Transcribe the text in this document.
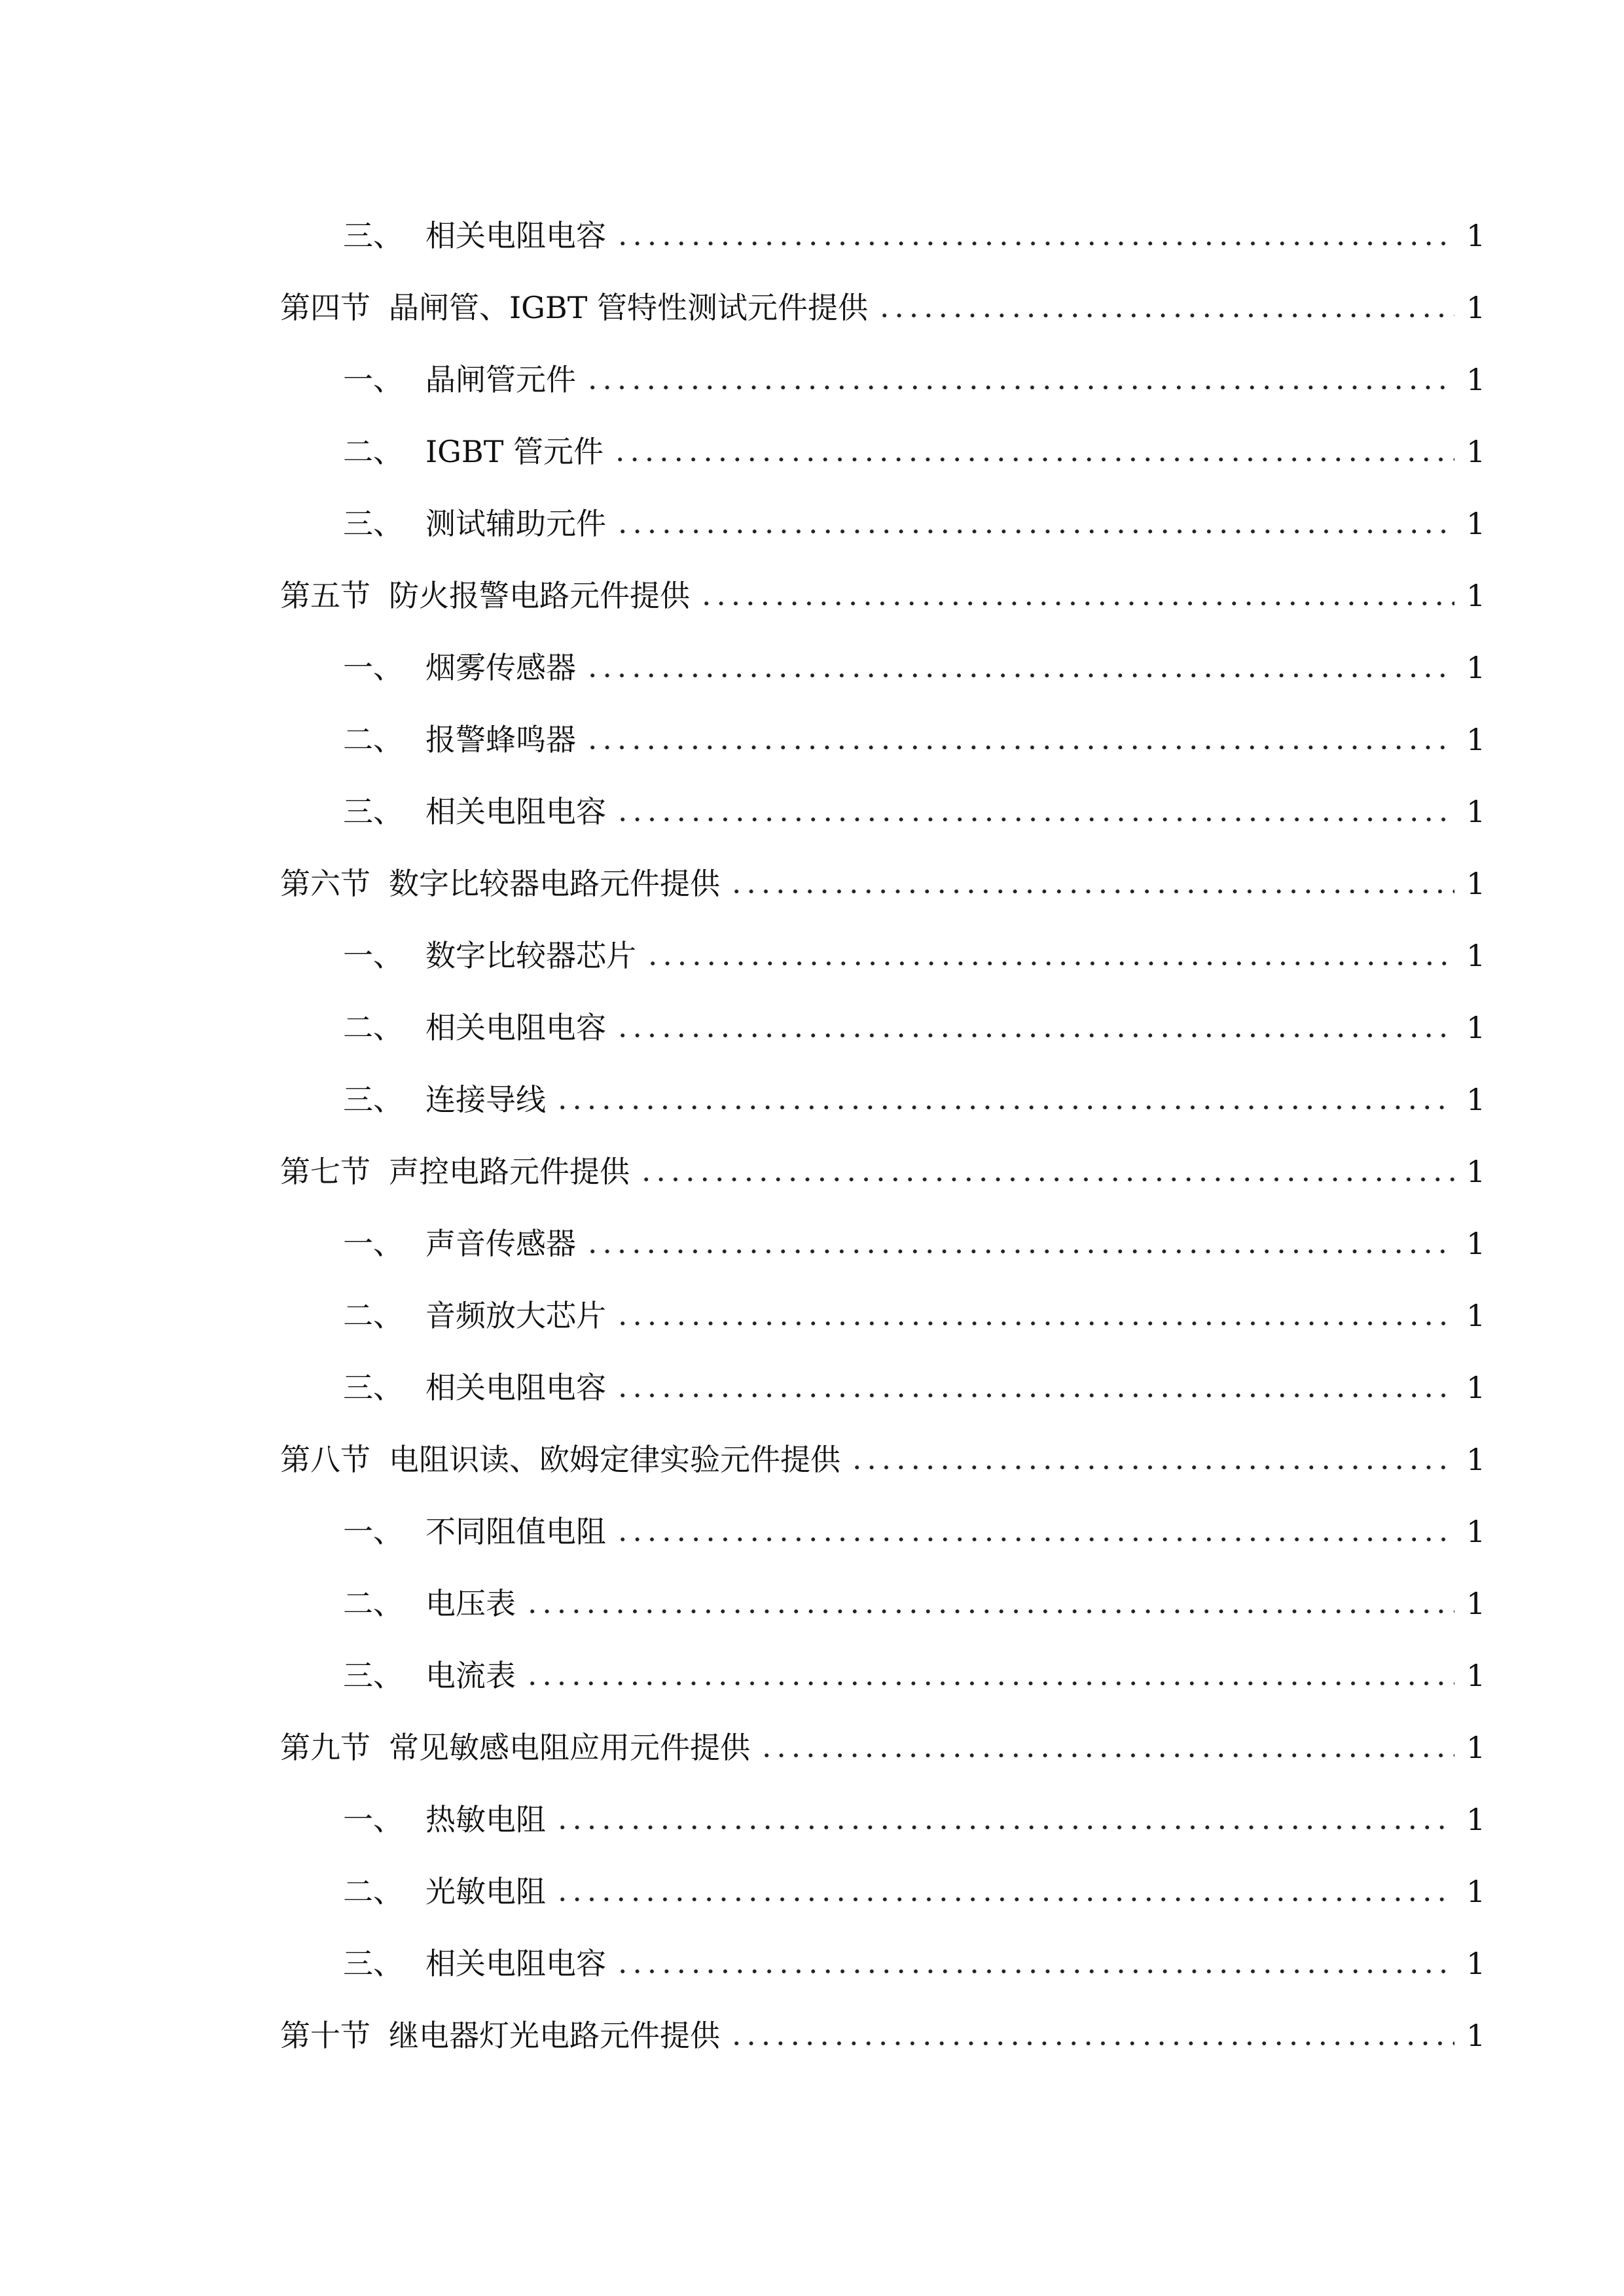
三、 相关电阻电容	1
第四节 晶闸管、IGBT 管特性测试元件提供	1
一、 晶闸管元件	1
二、 IGBT 管元件	1
三、 测试辅助元件	1
第五节 防火报警电路元件提供	1
一、 烟雾传感器	1
二、 报警蜂鸣器	1
三、 相关电阻电容	1
第六节 数字比较器电路元件提供	1
一、 数字比较器芯片	1
二、 相关电阻电容	1
三、 连接导线	1
第七节 声控电路元件提供	1
一、 声音传感器	1
二、 音频放大芯片	1
三、 相关电阻电容	1
第八节 电阻识读、欧姆定律实验元件提供	1
一、 不同阻值电阻	1
二、 电压表	1
三、 电流表	1
第九节 常见敏感电阻应用元件提供	1
一、 热敏电阻	1
二、 光敏电阻	1
三、 相关电阻电容	1
第十节 继电器灯光电路元件提供	1
